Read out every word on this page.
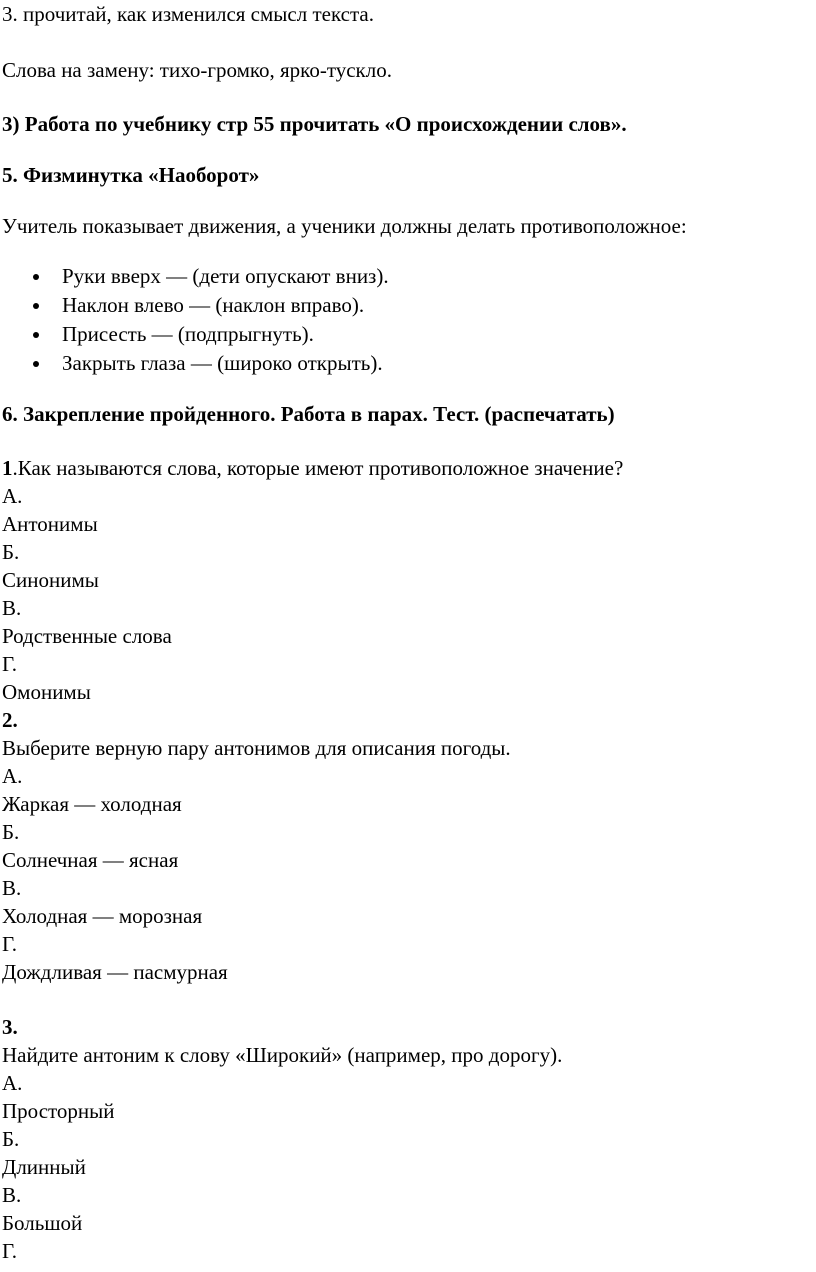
3. прочитай, как изменился смысл текста.

Слова на замену: тихо-громко, ярко-тускло.

3) Работа по учебнику стр 55 прочитать «О происхождении слов».

5. Физминутка «Наоборот»

Учитель показывает движения, а ученики должны делать противоположное:

Руки вверх — (дети опускают вниз).
Наклон влево — (наклон вправо).
Присесть — (подпрыгнуть).
Закрыть глаза — (широко открыть).

6. Закрепление пройденного. Работа в парах. Тест. (распечатать)

1.Как называются слова, которые имеют противоположное значение?
А.
Антонимы
Б.
Синонимы
В.
Родственные слова
Г.
Омонимы
2.
Выберите верную пару антонимов для описания погоды.
А.
Жаркая — холодная
Б.
Солнечная — ясная
В.
Холодная — морозная
Г.
Дождливая — пасмурная
3.
Найдите антоним к слову «Широкий» (например, про дорогу).
А.
Просторный
Б.
Длинный
В.
Большой
Г.
